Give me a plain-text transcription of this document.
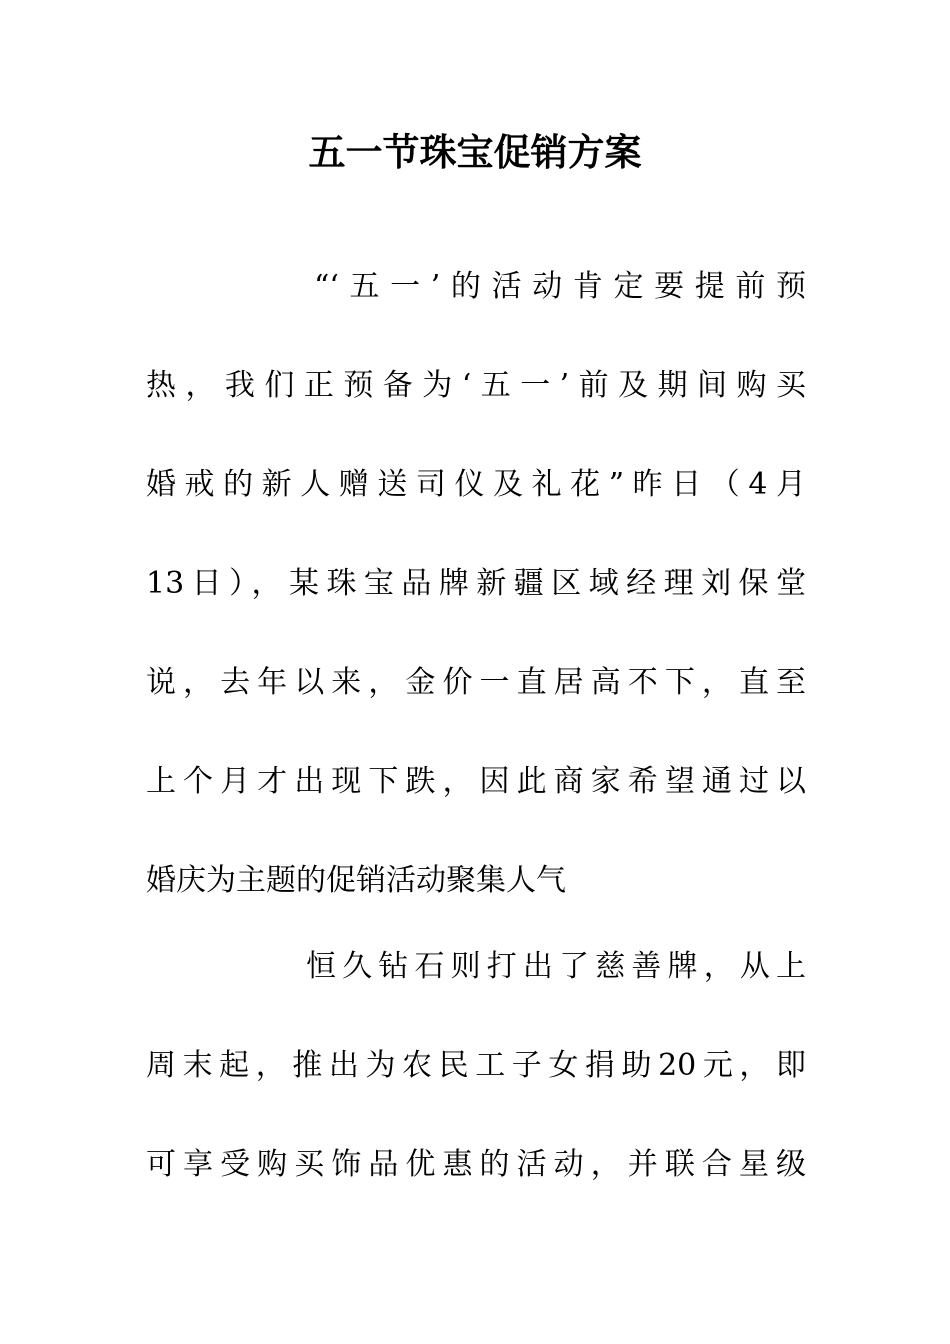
五一节珠宝促销方案
“‘五一’的活动肯定要提前预
热，我们正预备为‘五一’前及期间购买
婚戒的新人赠送司仪及礼花”昨日（4月
13日），某珠宝品牌新疆区域经理刘保堂
说，去年以来，金价一直居高不下，直至
上个月才出现下跌，因此商家希望通过以
婚庆为主题的促销活动聚集人气
恒久钻石则打出了慈善牌，从上
周末起，推出为农民工子女捐助20元，即
可享受购买饰品优惠的活动，并联合星级
